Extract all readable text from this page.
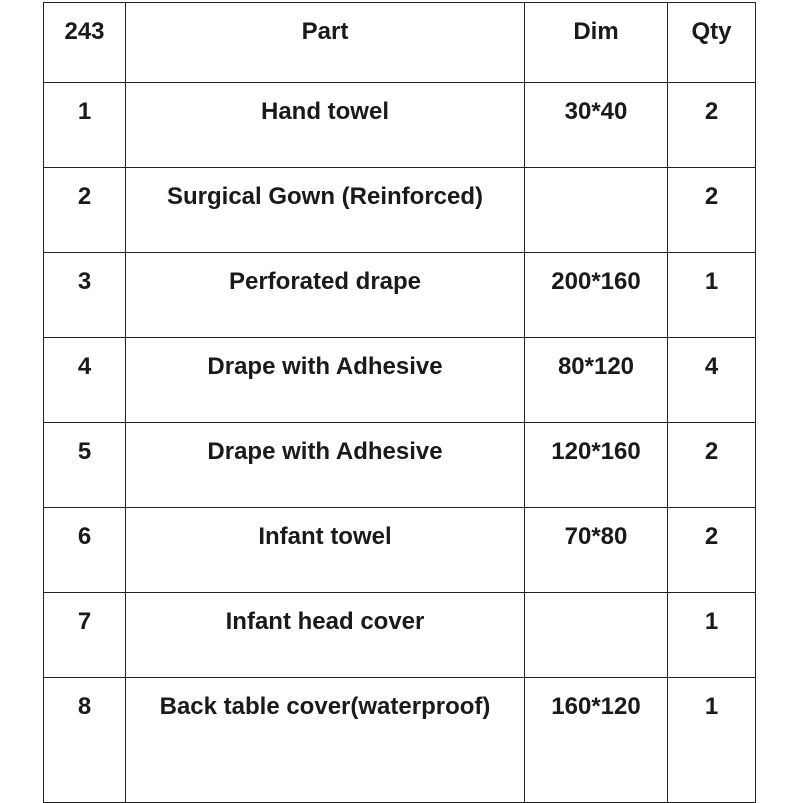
243	Part	Dim	Qty
1	Hand towel	30*40	2
2	Surgical Gown (Reinforced)		2
3	Perforated drape	200*160	1
4	Drape with Adhesive	80*120	4
5	Drape with Adhesive	120*160	2
6	Infant towel	70*80	2
7	Infant head cover		1
8	Back table cover(waterproof)	160*120	1
